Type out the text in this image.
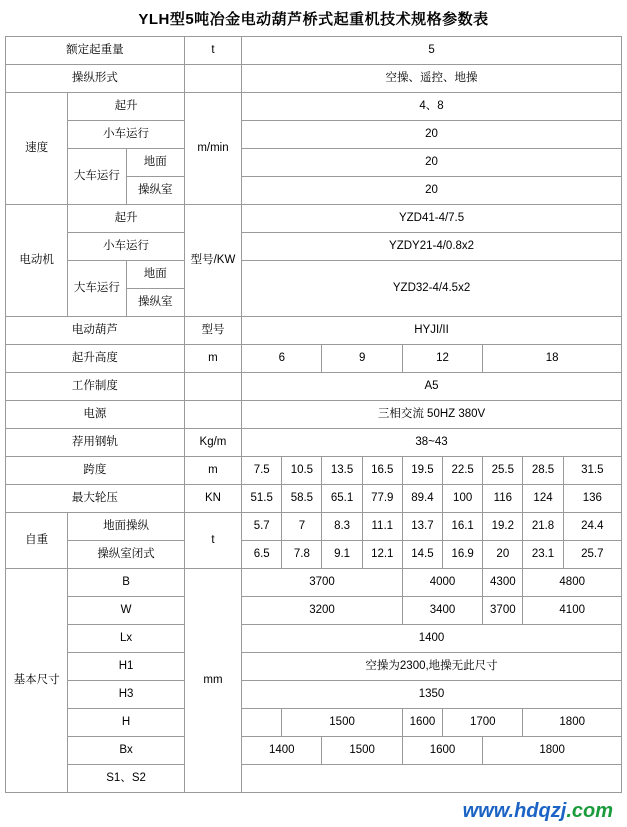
YLH型5吨冶金电动葫芦桥式起重机技术规格参数表
额定起重量			t	5								
操纵形式				空操、遥控、地操								
速度	起升		m/min	4、8								
	小车运行			20								
	大车运行	地面		20								
		操纵室		20								
电动机	起升		型号/KW	YZD41-4/7.5								
	小车运行			YZDY21-4/0.8x2								
	大车运行	地面		YZD32-4/4.5x2								
		操纵室										
电动葫芦			型号	HYJI/II								
起升高度			m	6		9		12		18		
工作制度				A5								
电源				三相交流 50HZ 380V								
荐用钢轨			Kg/m	38~43								
跨度			m	7.5	10.5	13.5	16.5	19.5	22.5	25.5	28.5	31.5
最大轮压			KN	51.5	58.5	65.1	77.9	89.4	100	116	124	136
自重	地面操纵		t	5.7	7	8.3	11.1	13.7	16.1	19.2	21.8	24.4
	操纵室闭式			6.5	7.8	9.1	12.1	14.5	16.9	20	23.1	25.7
基本尺寸	B		mm	3700				4000		4300	4800	
	W			3200				3400		3700	4100	
	Lx			1400								
	H1			空操为2300,地操无此尺寸								
	H3			1350								
	H				1500			1600	1700		1800	
	Bx			1400		1500		1600		1800		
	S1、S2											
www.hdqzj.com
